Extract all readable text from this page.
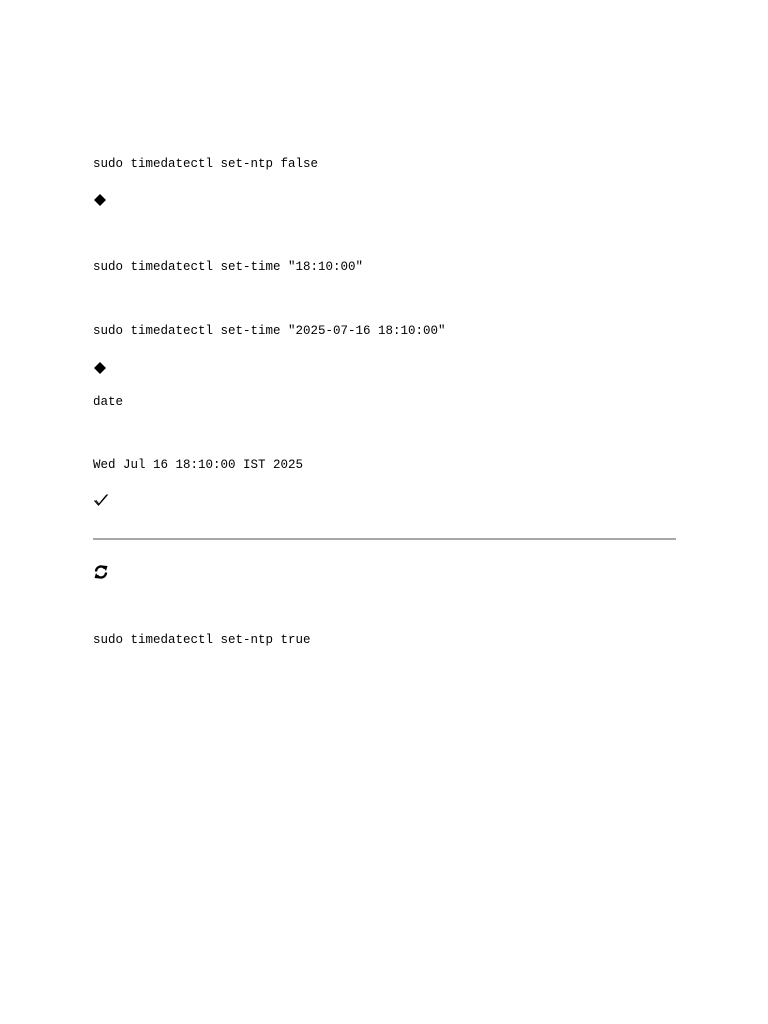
sudo timedatectl set-ntp false
sudo timedatectl set-time "18:10:00"
sudo timedatectl set-time "2025-07-16 18:10:00"
date
Wed Jul 16 18:10:00 IST 2025
sudo timedatectl set-ntp true
